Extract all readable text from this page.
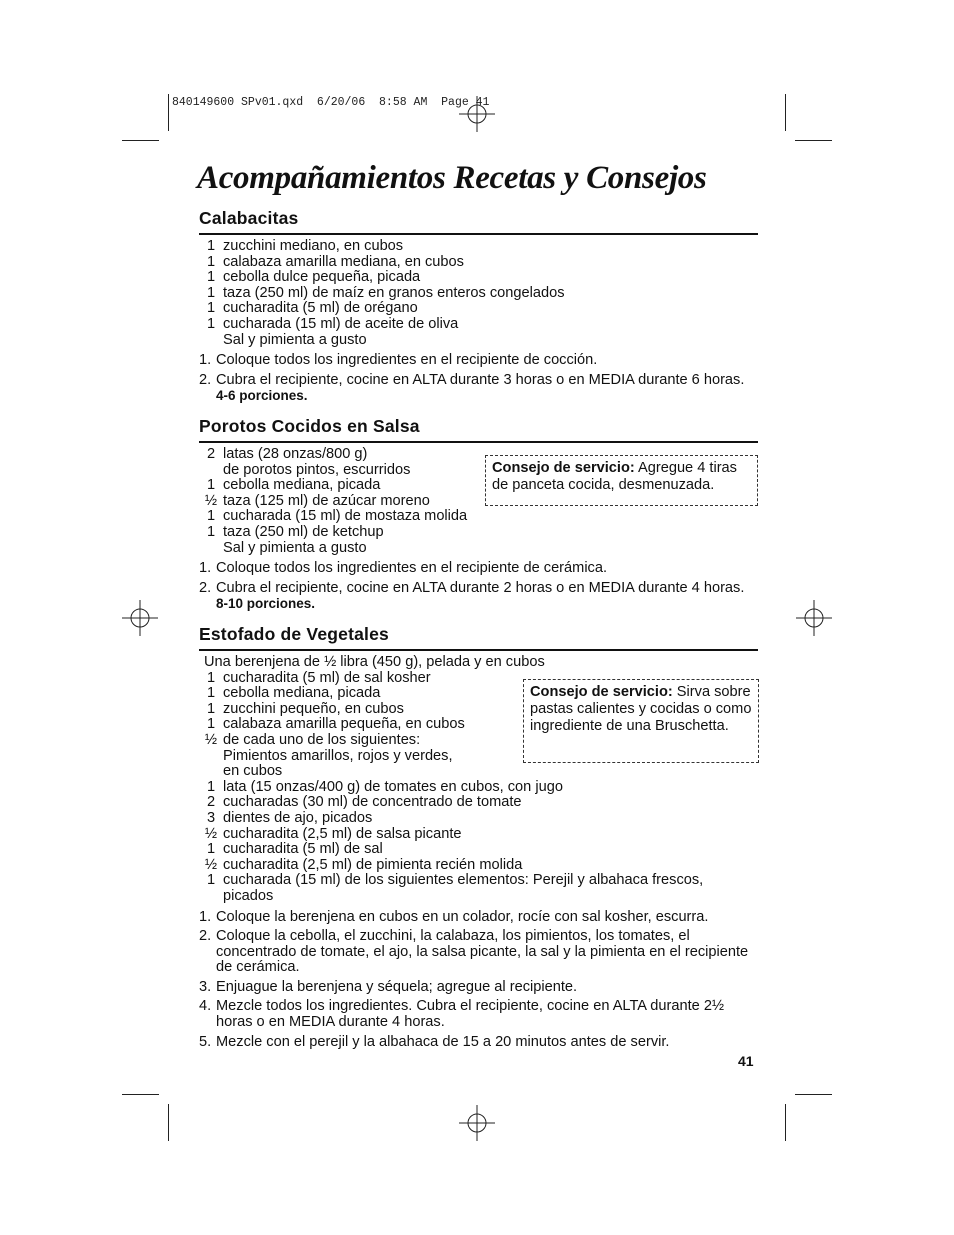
840149600 SPv01.qxd  6/20/06  8:58 AM  Page 41
Acompañamientos Recetas y Consejos
Calabacitas
1 zucchini mediano, en cubos
1 calabaza amarilla mediana, en cubos
1 cebolla dulce pequeña, picada
1 taza (250 ml) de maíz en granos enteros congelados
1 cucharadita (5 ml) de orégano
1 cucharada (15 ml) de aceite de oliva
Sal y pimienta a gusto
1. Coloque todos los ingredientes en el recipiente de cocción.
2. Cubra el recipiente, cocine en ALTA durante 3 horas o en MEDIA durante 6 horas.
4-6 porciones.
Porotos Cocidos en Salsa
2 latas (28 onzas/800 g)
de porotos pintos, escurridos
1 cebolla mediana, picada
½ taza (125 ml) de azúcar moreno
1 cucharada (15 ml) de mostaza molida
1 taza (250 ml) de ketchup
Sal y pimienta a gusto
1. Coloque todos los ingredientes en el recipiente de cerámica.
2. Cubra el recipiente, cocine en ALTA durante 2 horas o en MEDIA durante 4 horas.
8-10 porciones.
Consejo de servicio: Agregue 4 tiras de panceta cocida, desmenuzada.
Estofado de Vegetales
Una berenjena de ½ libra (450 g), pelada y en cubos
1 cucharadita (5 ml) de sal kosher
1 cebolla mediana, picada
1 zucchini pequeño, en cubos
1 calabaza amarilla pequeña, en cubos
½ de cada uno de los siguientes:
Pimientos amarillos, rojos y verdes,
en cubos
1 lata (15 onzas/400 g) de tomates en cubos, con jugo
2 cucharadas (30 ml) de concentrado de tomate
3 dientes de ajo, picados
½ cucharadita (2,5 ml) de salsa picante
1 cucharadita (5 ml) de sal
½ cucharadita (2,5 ml) de pimienta recién molida
1 cucharada (15 ml) de los siguientes elementos: Perejil y albahaca frescos,
picados
1. Coloque la berenjena en cubos en un colador, rocíe con sal kosher, escurra.
2. Coloque la cebolla, el zucchini, la calabaza, los pimientos, los tomates, el concentrado de tomate, el ajo, la salsa picante, la sal y la pimienta en el recipiente de cerámica.
3. Enjuague la berenjena y séquela; agregue al recipiente.
4. Mezcle todos los ingredientes. Cubra el recipiente, cocine en ALTA durante 2½ horas o en MEDIA durante 4 horas.
5. Mezcle con el perejil y la albahaca de 15 a 20 minutos antes de servir.
Consejo de servicio: Sirva sobre pastas calientes y cocidas o como ingrediente de una Bruschetta.
41
